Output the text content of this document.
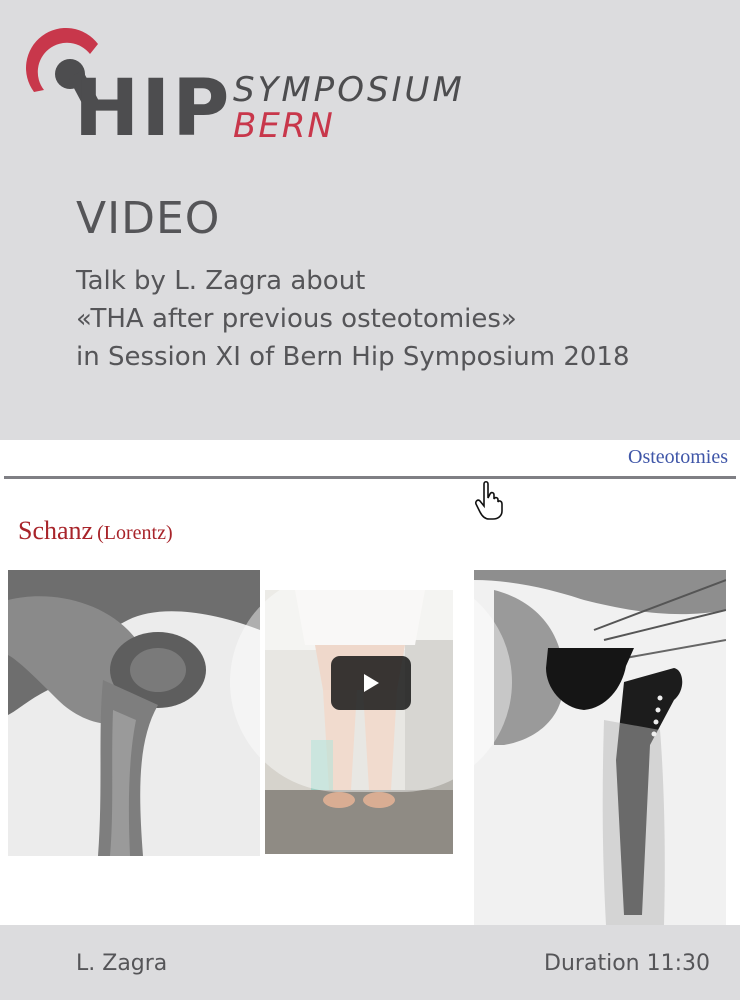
HIP SYMPOSIUM
BERN
VIDEO
Talk by L. Zagra about
«THA after previous osteotomies»
in Session XI of Bern Hip Symposium 2018
Osteotomies
Schanz (Lorentz)
L. Zagra	Duration 11:30
